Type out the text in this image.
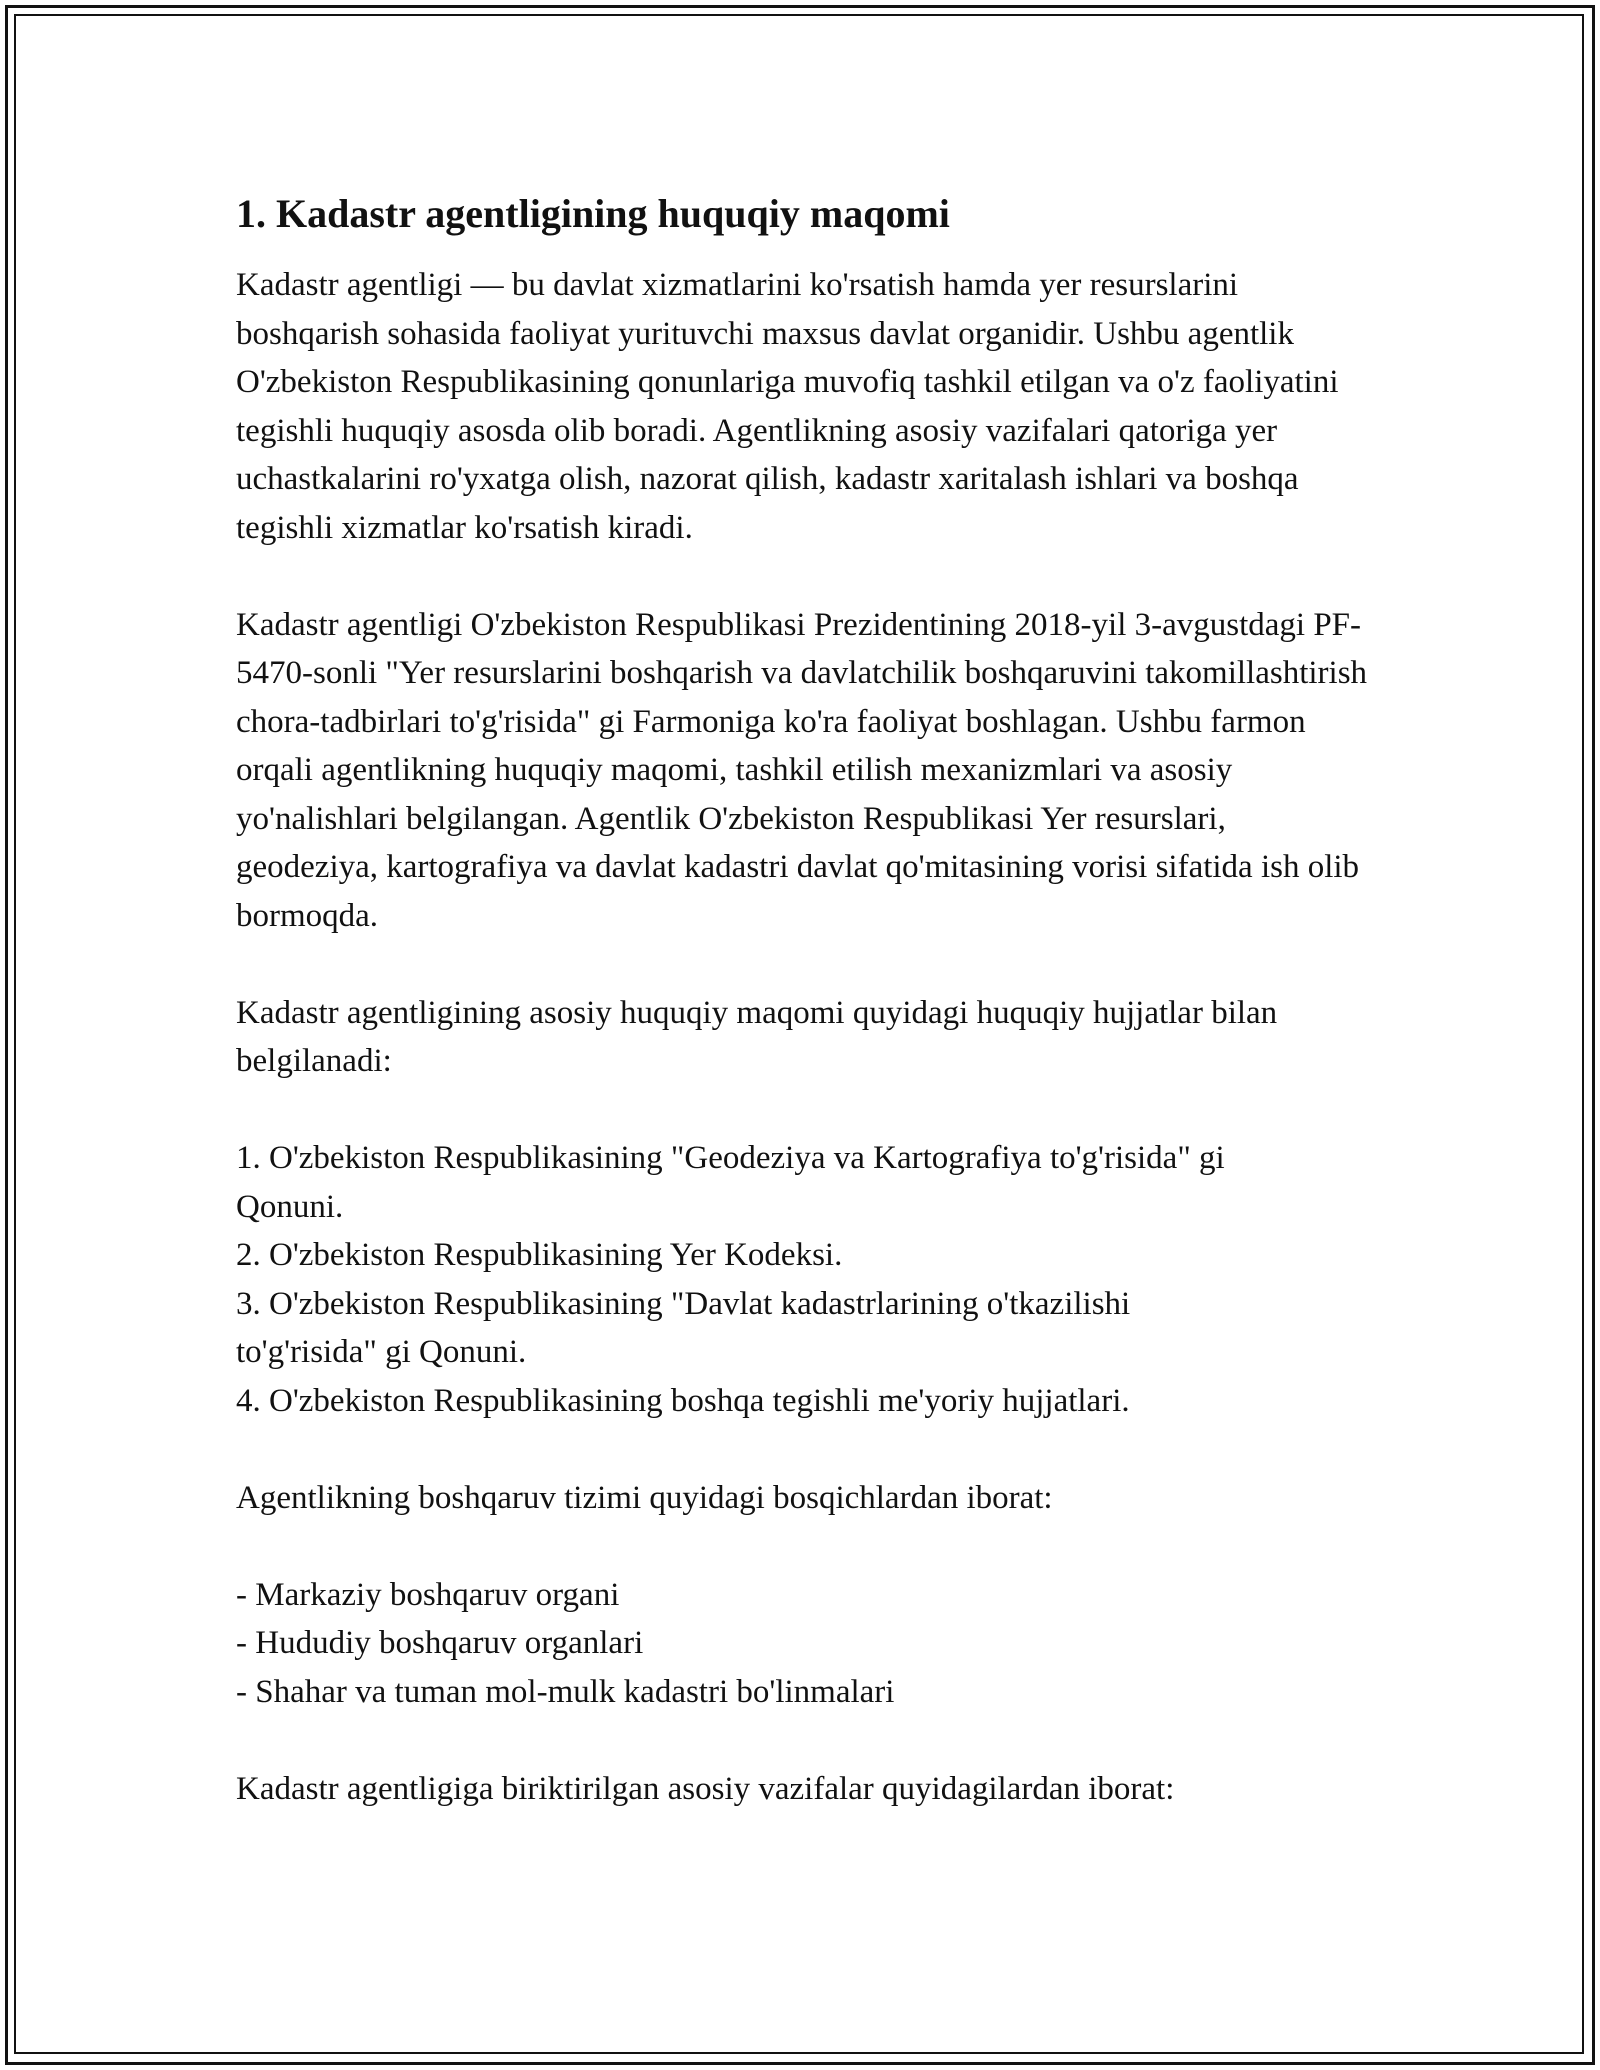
1. Kadastr agentligining huquqiy maqomi

Kadastr agentligi — bu davlat xizmatlarini ko'rsatish hamda yer resurslarini boshqarish sohasida faoliyat yurituvchi maxsus davlat organidir. Ushbu agentlik O'zbekiston Respublikasining qonunlariga muvofiq tashkil etilgan va o'z faoliyatini tegishli huquqiy asosda olib boradi. Agentlikning asosiy vazifalari qatoriga yer uchastkalarini ro'yxatga olish, nazorat qilish, kadastr xaritalash ishlari va boshqa tegishli xizmatlar ko'rsatish kiradi.

Kadastr agentligi O'zbekiston Respublikasi Prezidentining 2018-yil 3-avgustdagi PF-5470-sonli "Yer resurslarini boshqarish va davlatchilik boshqaruvini takomillashtirish chora-tadbirlari to'g'risida" gi Farmoniga ko'ra faoliyat boshlagan. Ushbu farmon orqali agentlikning huquqiy maqomi, tashkil etilish mexanizmlari va asosiy yo'nalishlari belgilangan. Agentlik O'zbekiston Respublikasi Yer resurslari, geodeziya, kartografiya va davlat kadastri davlat qo'mitasining vorisi sifatida ish olib bormoqda.

Kadastr agentligining asosiy huquqiy maqomi quyidagi huquqiy hujjatlar bilan belgilanadi:

1. O'zbekiston Respublikasining "Geodeziya va Kartografiya to'g'risida" gi
Qonuni.
2. O'zbekiston Respublikasining Yer Kodeksi.
3. O'zbekiston Respublikasining "Davlat kadastrlarining o'tkazilishi
to'g'risida" gi Qonuni.
4. O'zbekiston Respublikasining boshqa tegishli me'yoriy hujjatlari.

Agentlikning boshqaruv tizimi quyidagi bosqichlardan iborat:

- Markaziy boshqaruv organi
- Hududiy boshqaruv organlari
- Shahar va tuman mol-mulk kadastri bo'linmalari

Kadastr agentligiga biriktirilgan asosiy vazifalar quyidagilardan iborat:
